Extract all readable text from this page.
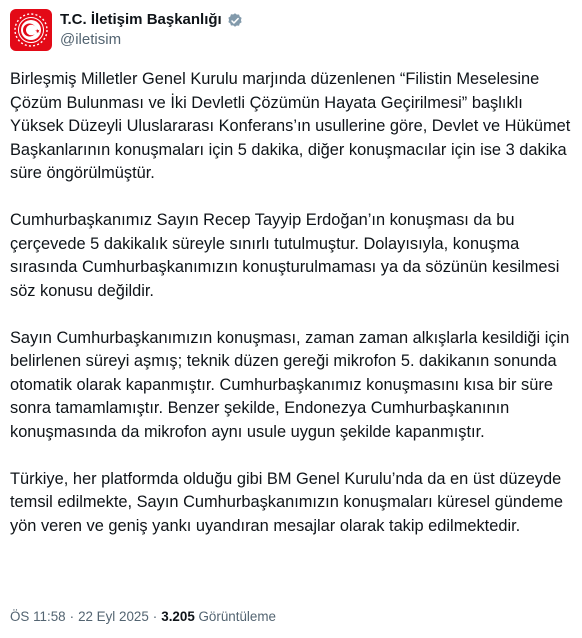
T.C. İletişim Başkanlığı
@iletisim

Birleşmiş Milletler Genel Kurulu marjında düzenlenen “Filistin Meselesine Çözüm Bulunması ve İki Devletli Çözümün Hayata Geçirilmesi” başlıklı Yüksek Düzeyli Uluslararası Konferans’ın usullerine göre, Devlet ve Hükümet Başkanlarının konuşmaları için 5 dakika, diğer konuşmacılar için ise 3 dakika süre öngörülmüştür.

Cumhurbaşkanımız Sayın Recep Tayyip Erdoğan’ın konuşması da bu çerçevede 5 dakikalık süreyle sınırlı tutulmuştur. Dolayısıyla, konuşma sırasında Cumhurbaşkanımızın konuşturulmaması ya da sözünün kesilmesi söz konusu değildir.

Sayın Cumhurbaşkanımızın konuşması, zaman zaman alkışlarla kesildiği için belirlenen süreyi aşmış; teknik düzen gereği mikrofon 5. dakikanın sonunda otomatik olarak kapanmıştır. Cumhurbaşkanımız konuşmasını kısa bir süre sonra tamamlamıştır. Benzer şekilde, Endonezya Cumhurbaşkanının konuşmasında da mikrofon aynı usule uygun şekilde kapanmıştır.

Türkiye, her platformda olduğu gibi BM Genel Kurulu’nda da en üst düzeyde temsil edilmekte, Sayın Cumhurbaşkanımızın konuşmaları küresel gündeme yön veren ve geniş yankı uyandıran mesajlar olarak takip edilmektedir.

ÖS 11:58 · 22 Eyl 2025 · 3.205 Görüntüleme
